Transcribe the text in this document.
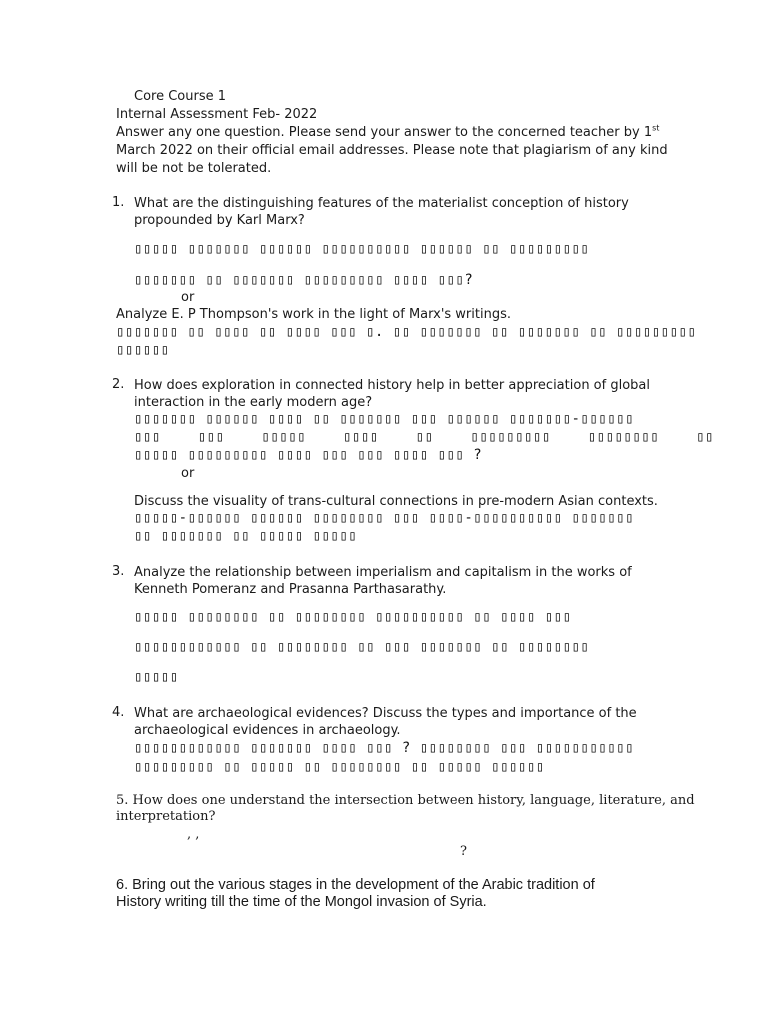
Core Course 1
Internal Assessment Feb- 2022
Answer any one question. Please send your answer to the concerned teacher by 1st
March 2022 on their official email addresses. Please note that plagiarism of any kind
will be not be tolerated.
1. What are the distinguishing features of the materialist conception of history
propounded by Karl Marx?
▯▯▯▯▯ ▯▯▯▯▯▯▯ ▯▯▯▯▯▯ ▯▯▯▯▯▯▯▯▯▯ ▯▯▯▯▯▯ ▯▯ ▯▯▯▯▯▯▯▯▯
▯▯▯▯▯▯▯ ▯▯ ▯▯▯▯▯▯▯ ▯▯▯▯▯▯▯▯▯ ▯▯▯▯ ▯▯▯?
or
Analyze E. P Thompson's work in the light of Marx's writings.
▯▯▯▯▯▯▯ ▯▯ ▯▯▯▯ ▯▯ ▯▯▯▯ ▯▯▯ ▯. ▯▯ ▯▯▯▯▯▯▯ ▯▯ ▯▯▯▯▯▯▯ ▯▯ ▯▯▯▯▯▯▯▯▯
▯▯▯▯▯▯
2. How does exploration in connected history help in better appreciation of global
interaction in the early modern age?
▯▯▯▯▯▯▯ ▯▯▯▯▯▯ ▯▯▯▯ ▯▯ ▯▯▯▯▯▯▯ ▯▯▯ ▯▯▯▯▯▯ ▯▯▯▯▯▯▯-▯▯▯▯▯▯
▯▯▯ ▯▯▯ ▯▯▯▯▯ ▯▯▯▯ ▯▯ ▯▯▯▯▯▯▯▯▯ ▯▯▯▯▯▯▯▯ ▯▯
▯▯▯▯▯ ▯▯▯▯▯▯▯▯▯ ▯▯▯▯ ▯▯▯ ▯▯▯ ▯▯▯▯ ▯▯▯ ?
or
Discuss the visuality of trans-cultural connections in pre-modern Asian contexts.
▯▯▯▯▯-▯▯▯▯▯▯ ▯▯▯▯▯▯ ▯▯▯▯▯▯▯▯ ▯▯▯ ▯▯▯▯-▯▯▯▯▯▯▯▯▯▯ ▯▯▯▯▯▯▯
▯▯ ▯▯▯▯▯▯▯ ▯▯ ▯▯▯▯▯ ▯▯▯▯▯
3. Analyze the relationship between imperialism and capitalism in the works of
Kenneth Pomeranz and Prasanna Parthasarathy.
▯▯▯▯▯ ▯▯▯▯▯▯▯▯ ▯▯ ▯▯▯▯▯▯▯▯ ▯▯▯▯▯▯▯▯▯▯ ▯▯ ▯▯▯▯ ▯▯▯
▯▯▯▯▯▯▯▯▯▯▯▯ ▯▯ ▯▯▯▯▯▯▯▯ ▯▯ ▯▯▯ ▯▯▯▯▯▯▯ ▯▯ ▯▯▯▯▯▯▯▯
▯▯▯▯▯
4. What are archaeological evidences? Discuss the types and importance of the
archaeological evidences in archaeology.
▯▯▯▯▯▯▯▯▯▯▯▯ ▯▯▯▯▯▯▯ ▯▯▯▯ ▯▯▯ ? ▯▯▯▯▯▯▯▯ ▯▯▯ ▯▯▯▯▯▯▯▯▯▯▯
▯▯▯▯▯▯▯▯▯ ▯▯ ▯▯▯▯▯ ▯▯ ▯▯▯▯▯▯▯▯ ▯▯ ▯▯▯▯▯ ▯▯▯▯▯▯
5. How does one understand the intersection between history, language, literature, and
interpretation?
, ,
?
6. Bring out the various stages in the development of the Arabic tradition of
History writing till the time of the Mongol invasion of Syria.
